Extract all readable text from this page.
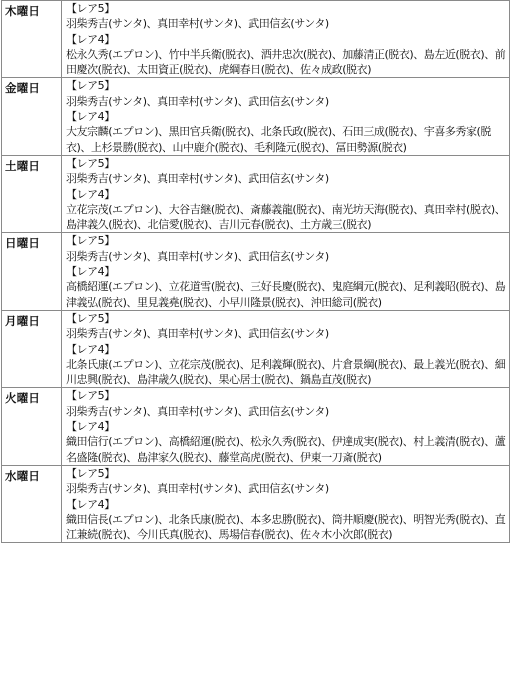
木曜日	【レア5】
羽柴秀吉(サンタ)、真田幸村(サンタ)、武田信玄(サンタ)
【レア4】
松永久秀(エプロン)、竹中半兵衛(脱衣)、酒井忠次(脱衣)、加藤清正(脱衣)、島左近(脱衣)、前田慶次(脱衣)、太田資正(脱衣)、虎綱春日(脱衣)、佐々成政(脱衣)

金曜日	【レア5】
羽柴秀吉(サンタ)、真田幸村(サンタ)、武田信玄(サンタ)
【レア4】
大友宗麟(エプロン)、黒田官兵衛(脱衣)、北条氏政(脱衣)、石田三成(脱衣)、宇喜多秀家(脱衣)、上杉景勝(脱衣)、山中鹿介(脱衣)、毛利隆元(脱衣)、冨田勢源(脱衣)

土曜日	【レア5】
羽柴秀吉(サンタ)、真田幸村(サンタ)、武田信玄(サンタ)
【レア4】
立花宗茂(エプロン)、大谷吉継(脱衣)、斎藤義龍(脱衣)、南光坊天海(脱衣)、真田幸村(脱衣)、島津義久(脱衣)、北信愛(脱衣)、吉川元春(脱衣)、土方歳三(脱衣)

日曜日	【レア5】
羽柴秀吉(サンタ)、真田幸村(サンタ)、武田信玄(サンタ)
【レア4】
高橋紹運(エプロン)、立花道雪(脱衣)、三好長慶(脱衣)、鬼庭綱元(脱衣)、足利義昭(脱衣)、島津義弘(脱衣)、里見義堯(脱衣)、小早川隆景(脱衣)、沖田総司(脱衣)

月曜日	【レア5】
羽柴秀吉(サンタ)、真田幸村(サンタ)、武田信玄(サンタ)
【レア4】
北条氏康(エプロン)、立花宗茂(脱衣)、足利義輝(脱衣)、片倉景綱(脱衣)、最上義光(脱衣)、細川忠興(脱衣)、島津歳久(脱衣)、果心居士(脱衣)、鍋島直茂(脱衣)

火曜日	【レア5】
羽柴秀吉(サンタ)、真田幸村(サンタ)、武田信玄(サンタ)
【レア4】
織田信行(エプロン)、高橋紹運(脱衣)、松永久秀(脱衣)、伊達成実(脱衣)、村上義清(脱衣)、蘆名盛隆(脱衣)、島津家久(脱衣)、藤堂高虎(脱衣)、伊東一刀斎(脱衣)

水曜日	【レア5】
羽柴秀吉(サンタ)、真田幸村(サンタ)、武田信玄(サンタ)
【レア4】
織田信長(エプロン)、北条氏康(脱衣)、本多忠勝(脱衣)、筒井順慶(脱衣)、明智光秀(脱衣)、直江兼続(脱衣)、今川氏真(脱衣)、馬場信春(脱衣)、佐々木小次郎(脱衣)
